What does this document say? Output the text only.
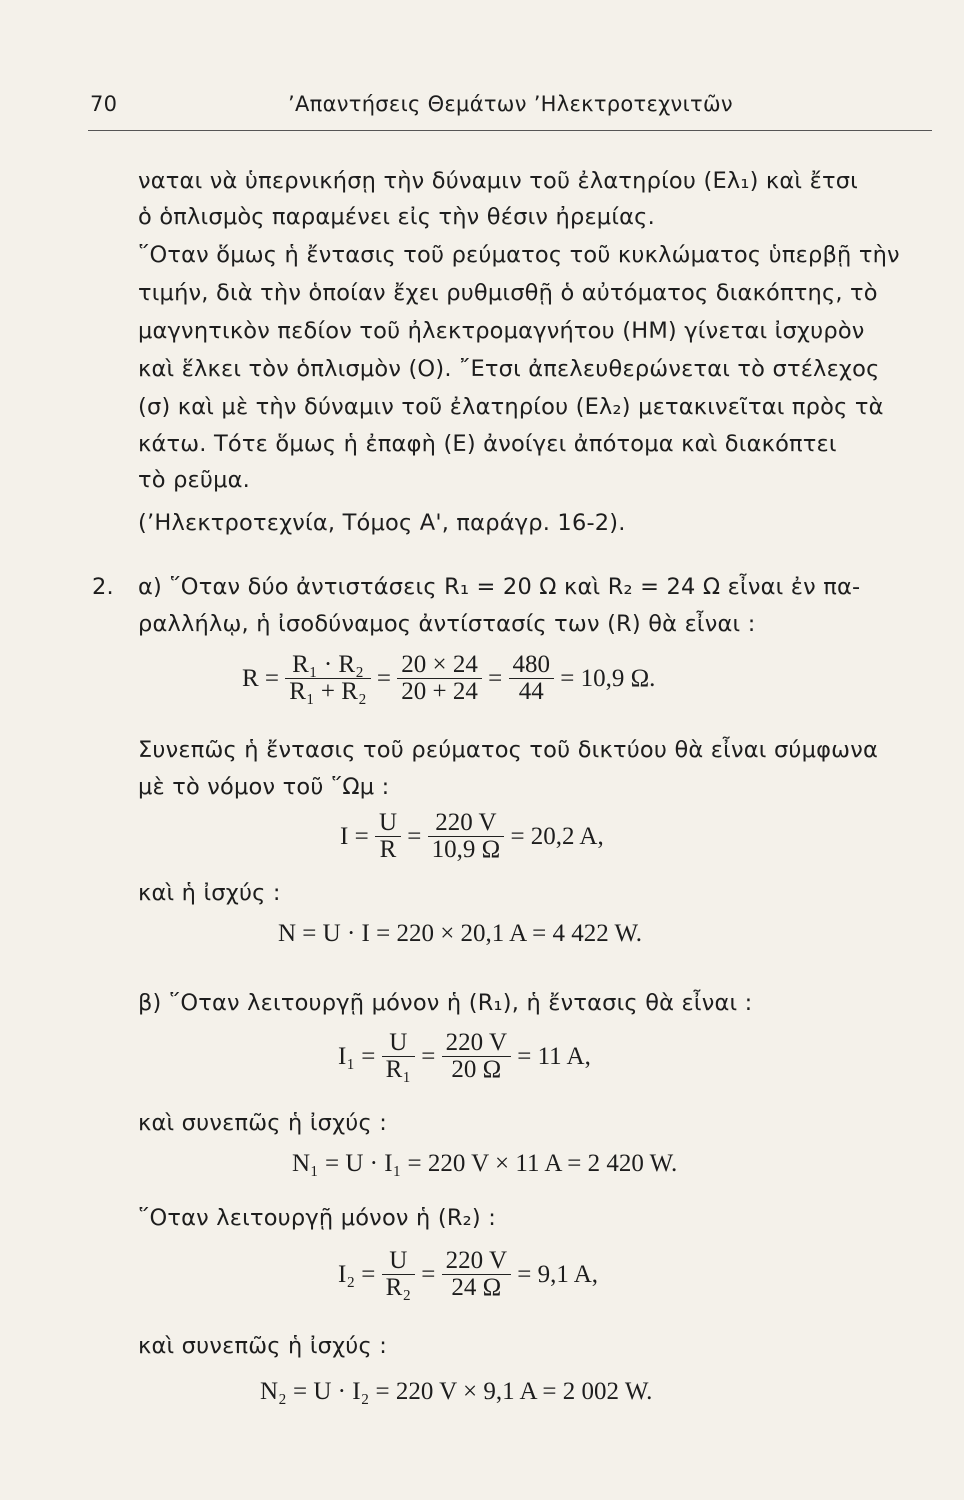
70	’Απαντήσεις Θεμάτων ’Ηλεκτροτεχνιτῶν
ναται νὰ ὑπερνικήσῃ τὴν δύναμιν τοῦ ἐλατηρίου (Ελ₁) καὶ ἔτσι
ὁ ὁπλισμὸς παραμένει εἰς τὴν θέσιν ἠρεμίας.
῞Οταν ὅμως ἡ ἔντασις τοῦ ρεύματος τοῦ κυκλώματος ὑπερβῇ τὴν
τιμήν, διὰ τὴν ὁποίαν ἔχει ρυθμισθῇ ὁ αὐτόματος διακόπτης, τὸ
μαγνητικὸν πεδίον τοῦ ἠλεκτρομαγνήτου (ΗΜ) γίνεται ἰσχυρὸν
καὶ ἕλκει τὸν ὁπλισμὸν (Ο). ῎Ετσι ἀπελευθερώνεται τὸ στέλεχος
(σ) καὶ μὲ τὴν δύναμιν τοῦ ἐλατηρίου (Ελ₂) μετακινεῖται πρὸς τὰ
κάτω. Τότε ὅμως ἡ ἐπαφὴ (Ε) ἀνοίγει ἀπότομα καὶ διακόπτει
τὸ ρεῦμα.
(’Ηλεκτροτεχνία, Τόμος Α', παράγρ. 16-2).
2. α) ῞Οταν δύο ἀντιστάσεις R₁ = 20 Ω καὶ R₂ = 24 Ω εἶναι ἐν πα-
ραλλήλῳ, ἡ ἰσοδύναμος ἀντίστασίς των (R) θὰ εἶναι :
$R = \frac{\text{R₁ · R₂}}{\text{R₁ + R₂}} = \frac{20 \times 24}{20 + 24} = \frac{480}{44} = 10,9$ Ω.
Συνεπῶς ἡ ἔντασις τοῦ ρεύματος τοῦ δικτύου θὰ εἶναι σύμφωνα
μὲ τὸ νόμον τοῦ ῞Ωμ :
$I = \frac{U}{R} = \frac{220 V}{10,9 \Omega} = 20,2$ A,
καὶ ἡ ἰσχύς :
N = U · I = 220 × 20,1 A = 4 422 W.
β) ῞Οταν λειτουργῇ μόνον ἡ (R₁), ἡ ἔντασις θὰ εἶναι :
$I_1 = \frac{U}{\text{R₁}} = \frac{220 V}{20 \Omega} = 11$ A,
καὶ συνεπῶς ἡ ἰσχύς :
N₁ = U · I₁ = 220 V × 11 A = 2 420 W.
῞Οταν λειτουργῇ μόνον ἡ (R₂) :
$I_2 = \frac{U}{\text{R₂}} = \frac{220 V}{24 \Omega} = 9,1$ A,
καὶ συνεπῶς ἡ ἰσχύς :
N₂ = U · I₂ = 220 V × 9,1 A = 2 002 W.
